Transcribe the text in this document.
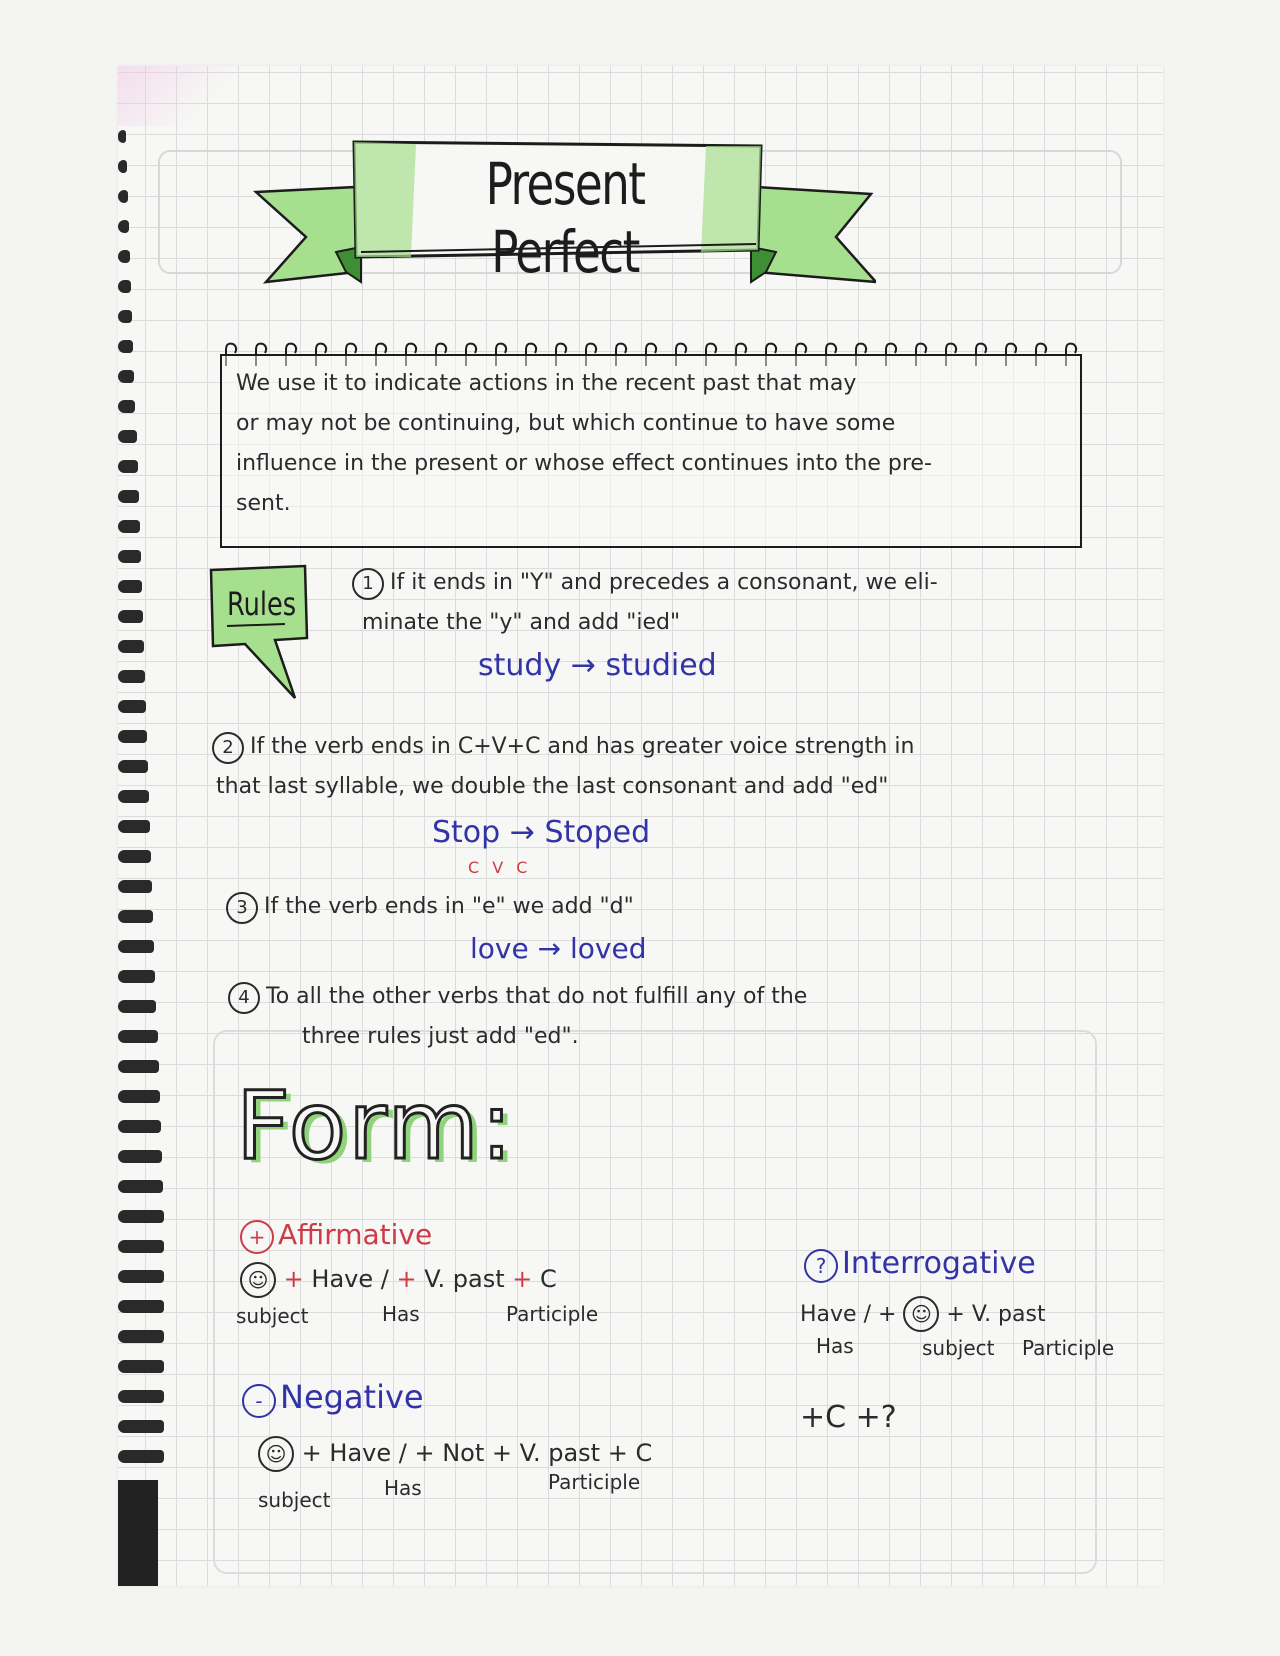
Present Perfect
We use it to indicate actions in the recent past that may
or may not be continuing, but which continue to have some
influence in the present or whose effect continues into the pre-
sent.
Rules
1 If it ends in "Y" and precedes a consonant, we eli-
minate the "y" and add "ied"
study → studied
2 If the verb ends in C+V+C and has greater voice strength in
that last syllable, we double the last consonant and add "ed"
Stop → Stoped
C V C
3 If the verb ends in "e" we add "d"
love → loved
4 To all the other verbs that do not fulfill any of the
three rules just add "ed".
Form:
+ Affirmative
☺ + Have / + V. past + C
subject	Has	Participle
- Negative
☺ + Have / + Not + V. past + C
subject	Has	Participle
? Interrogative
Have / + ☺ + V. past
Has	subject Participle
+C +?
